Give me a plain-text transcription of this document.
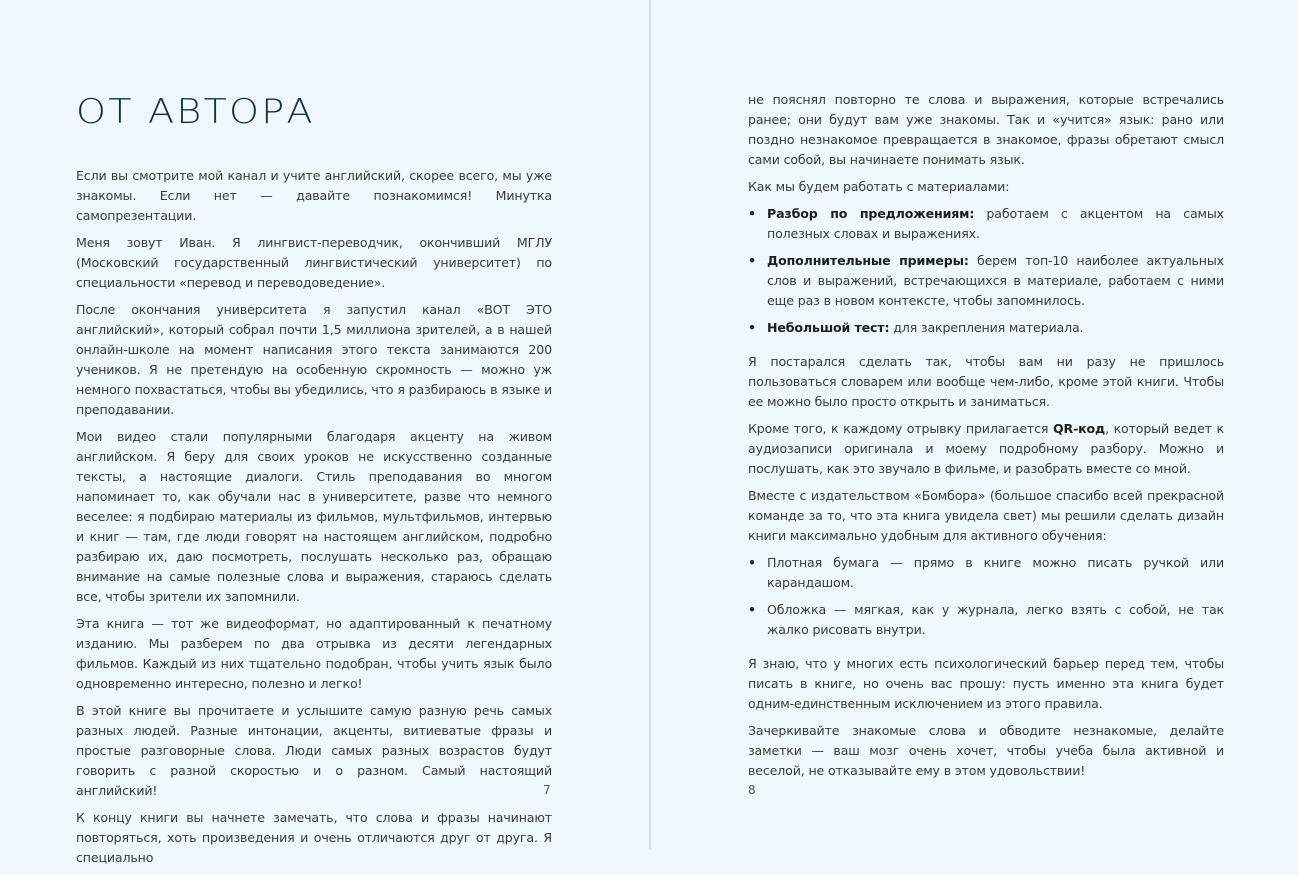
ОТ АВТОРА

Если вы смотрите мой канал и учите английский, скорее всего, мы уже знакомы. Если нет — давайте познакомимся! Минутка самопрезентации.

Меня зовут Иван. Я лингвист-переводчик, окончивший МГЛУ (Московский государственный лингвистический университет) по специальности «перевод и переводоведение».

После окончания университета я запустил канал «ВОТ ЭТО английский», который собрал почти 1,5 миллиона зрителей, а в нашей онлайн-школе на момент написания этого текста занимаются 200 учеников. Я не претендую на особенную скромность — можно уж немного похвастаться, чтобы вы убедились, что я разбираюсь в языке и преподавании.

Мои видео стали популярными благодаря акценту на живом английском. Я беру для своих уроков не искусственно созданные тексты, а настоящие диалоги. Стиль преподавания во многом напоминает то, как обучали нас в университете, разве что немного веселее: я подбираю материалы из фильмов, мультфильмов, интервью и книг — там, где люди говорят на настоящем английском, подробно разбираю их, даю посмотреть, послушать несколько раз, обращаю внимание на самые полезные слова и выражения, стараюсь сделать все, чтобы зрители их запомнили.

Эта книга — тот же видеоформат, но адаптированный к печатному изданию. Мы разберем по два отрывка из десяти легендарных фильмов. Каждый из них тщательно подобран, чтобы учить язык было одновременно интересно, полезно и легко!

В этой книге вы прочитаете и услышите самую разную речь самых разных людей. Разные интонации, акценты, витиеватые фразы и простые разговорные слова. Люди самых разных возрастов будут говорить с разной скоростью и о разном. Самый настоящий английский!

К концу книги вы начнете замечать, что слова и фразы начинают повторяться, хоть произведения и очень отличаются друг от друга. Я специально

7

не пояснял повторно те слова и выражения, которые встречались ранее; они будут вам уже знакомы. Так и «учится» язык: рано или поздно незнакомое превращается в знакомое, фразы обретают смысл сами собой, вы начинаете понимать язык.

Как мы будем работать с материалами:

• Разбор по предложениям: работаем с акцентом на самых полезных словах и выражениях.
• Дополнительные примеры: берем топ-10 наиболее актуальных слов и выражений, встречающихся в материале, работаем с ними еще раз в новом контексте, чтобы запомнилось.
• Небольшой тест: для закрепления материала.

Я постарался сделать так, чтобы вам ни разу не пришлось пользоваться словарем или вообще чем-либо, кроме этой книги. Чтобы ее можно было просто открыть и заниматься.

Кроме того, к каждому отрывку прилагается QR-код, который ведет к аудиозаписи оригинала и моему подробному разбору. Можно и послушать, как это звучало в фильме, и разобрать вместе со мной.

Вместе с издательством «Бомбора» (большое спасибо всей прекрасной команде за то, что эта книга увидела свет) мы решили сделать дизайн книги максимально удобным для активного обучения:

• Плотная бумага — прямо в книге можно писать ручкой или карандашом.
• Обложка — мягкая, как у журнала, легко взять с собой, не так жалко рисовать внутри.

Я знаю, что у многих есть психологический барьер перед тем, чтобы писать в книге, но очень вас прошу: пусть именно эта книга будет одним-единственным исключением из этого правила.

Зачеркивайте знакомые слова и обводите незнакомые, делайте заметки — ваш мозг очень хочет, чтобы учеба была активной и веселой, не отказывайте ему в этом удовольствии!

8
